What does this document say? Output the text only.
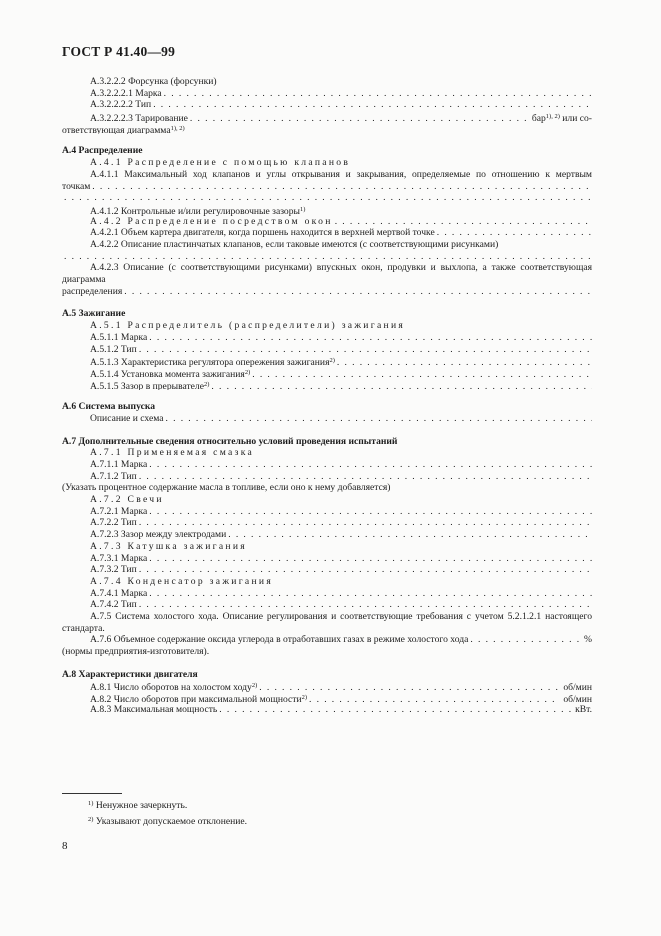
ГОСТ Р 41.40—99
А.3.2.2.2 Форсунка (форсунки)
А.3.2.2.2.1 Марка
. . .
А.3.2.2.2.2 Тип
. . .
А.3.2.2.2.3 Тарирование . . .	бар$^{1), 2)}$ или со-
ответствующая диаграмма$^{1), 2)}$
А.4 Распределение
А.4.1 Распределение с помощью клапанов
А.4.1.1 Максимальный ход клапанов и углы открывания и закрывания, определяемые по отношению к мертвым точкам . . .
. . .
А.4.1.2 Контрольные и/или регулировочные зазоры$^{1)}$
А.4.2 Распределение посредством окон
. . .
А.4.2.1 Объем картера двигателя, когда поршень находится в верхней мертвой точке
. . .
А.4.2.2 Описание пластинчатых клапанов, если таковые имеются (с соответствующими рисунками)
. . .
А.4.2.3 Описание (с соответствующими рисунками) впускных окон, продувки и выхлопа, а также соответствующая диаграмма распределения . . .
А.5 Зажигание
А.5.1 Распределитель (распределители) зажигания
А.5.1.1 Марка
. . .
А.5.1.2 Тип
. . .
А.5.1.3 Характеристика регулятора опережения зажигания$^{2)}$
. . .
А.5.1.4 Установка момента зажигания$^{2)}$
. . .
А.5.1.5 Зазор в прерывателе$^{2)}$
. . .
А.6 Система выпуска
Описание и схема
. . .
А.7 Дополнительные сведения относительно условий проведения испытаний
А.7.1 Применяемая смазка
А.7.1.1 Марка
. . .
А.7.1.2 Тип
. . .
(Указать процентное содержание масла в топливе, если оно к нему добавляется)
А.7.2 Свечи
А.7.2.1 Марка
. . .
А.7.2.2 Тип
. . .
А.7.2.3 Зазор между электродами
. . .
А.7.3 Катушка зажигания
А.7.3.1 Марка
. . .
А.7.3.2 Тип
. . .
А.7.4 Конденсатор зажигания
А.7.4.1 Марка
. . .
А.7.4.2 Тип
. . .
А.7.5 Система холостого хода. Описание регулирования и соответствующие требования с учетом 5.2.1.2.1 настоящего стандарта.
А.7.6 Объемное содержание оксида углерода в отработавших газах в режиме холостого хода . . .	%
(нормы предприятия-изготовителя).
А.8 Характеристики двигателя
А.8.1 Число оборотов на холостом ходу$^{2)}$ . . .	об/мин
А.8.2 Число оборотов при максимальной мощности$^{2)}$ . . .	об/мин
А.8.3 Максимальная мощность . . .	кВт.
$^{1)}$ Ненужное зачеркнуть.
$^{2)}$ Указывают допускаемое отклонение.
8
